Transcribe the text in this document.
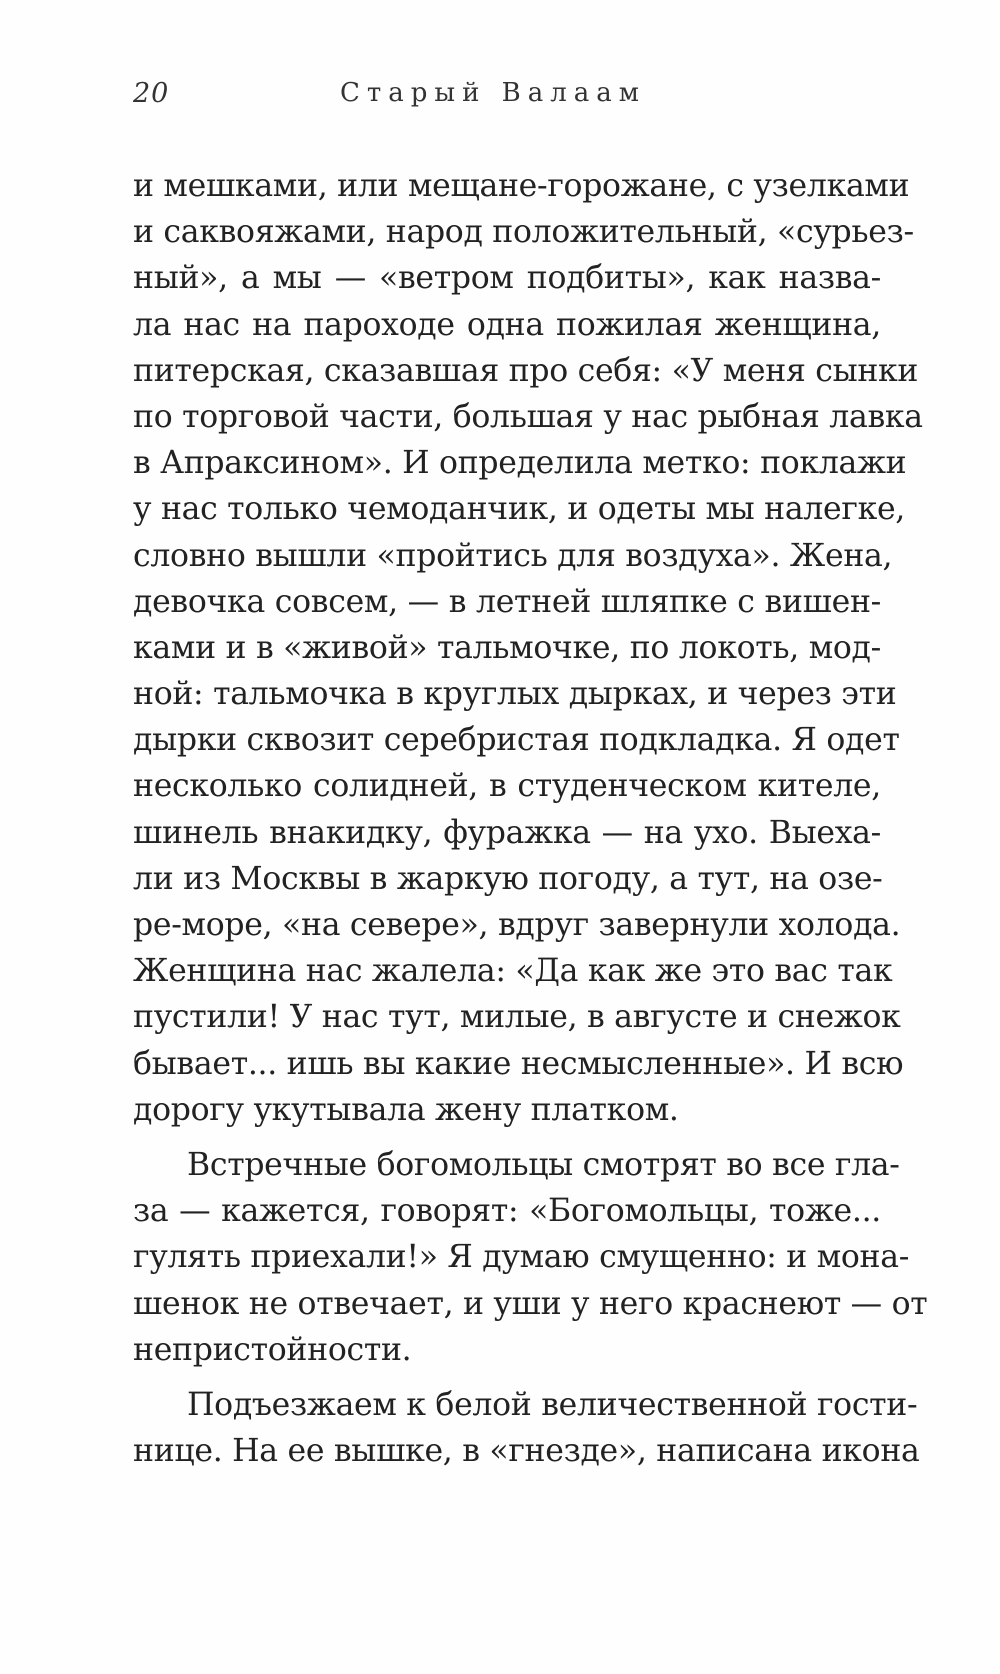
20	Старый Валаам

и мешками, или мещане-горожане, с узелками
и саквояжами, народ положительный, «сурьез-
ный», а мы — «ветром подбиты», как назва-
ла нас на пароходе одна пожилая женщина,
питерская, сказавшая про себя: «У меня сынки
по торговой части, большая у нас рыбная лавка
в Апраксином». И определила метко: поклажи
у нас только чемоданчик, и одеты мы налегке,
словно вышли «пройтись для воздуха». Жена,
девочка совсем, — в летней шляпке с вишен-
ками и в «живой» тальмочке, по локоть, мод-
ной: тальмочка в круглых дырках, и через эти
дырки сквозит серебристая подкладка. Я одет
несколько солидней, в студенческом кителе,
шинель внакидку, фуражка — на ухо. Выеха-
ли из Москвы в жаркую погоду, а тут, на озе-
ре-море, «на севере», вдруг завернули холода.
Женщина нас жалела: «Да как же это вас так
пустили! У нас тут, милые, в августе и снежок
бывает... ишь вы какие несмысленные». И всю
дорогу укутывала жену платком.

Встречные богомольцы смотрят во все гла-
за — кажется, говорят: «Богомольцы, тоже...
гулять приехали!» Я думаю смущенно: и мона-
шенок не отвечает, и уши у него краснеют — от
непристойности.

Подъезжаем к белой величественной гости-
нице. На ее вышке, в «гнезде», написана икона
